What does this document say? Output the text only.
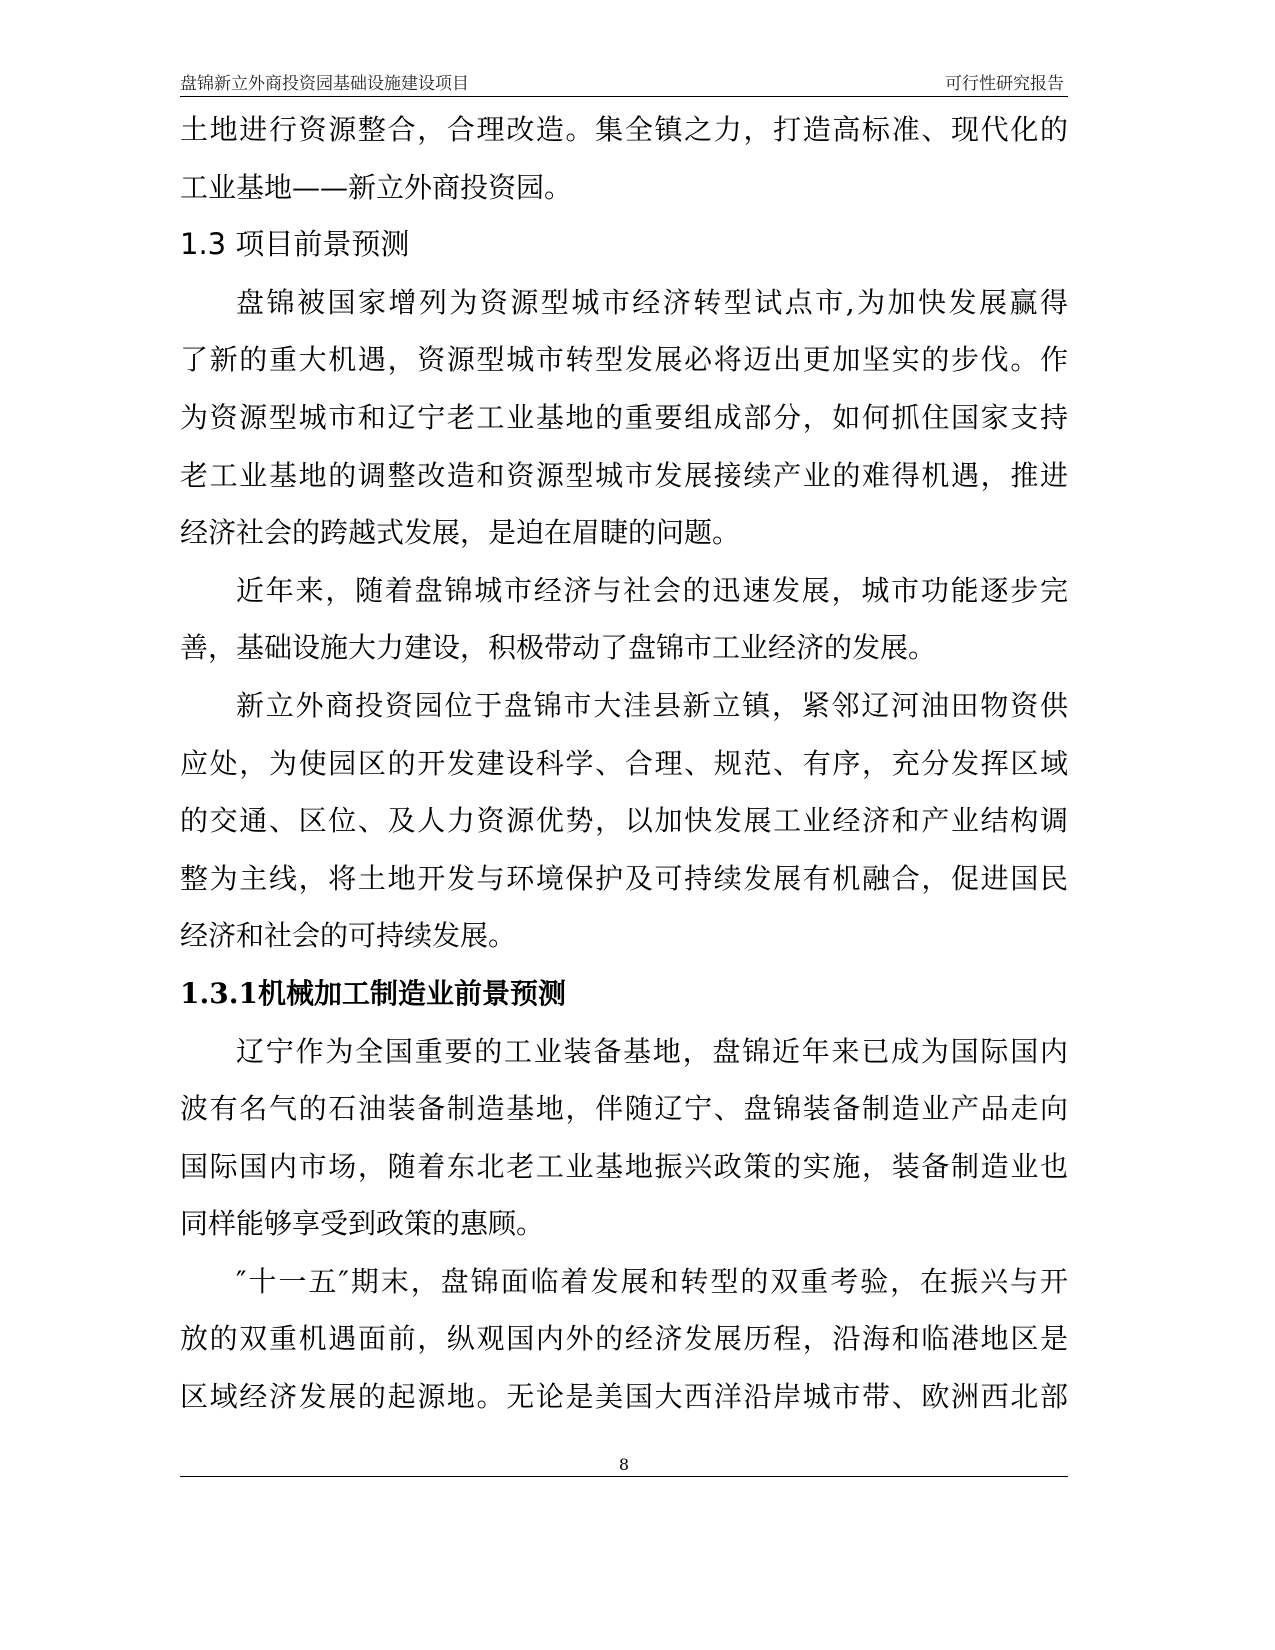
盘锦新立外商投资园基础设施建设项目	可行性研究报告
土地进行资源整合，合理改造。集全镇之力，打造高标准、现代化的
工业基地——新立外商投资园。
1.3 项目前景预测
盘锦被国家增列为资源型城市经济转型试点市,为加快发展赢得
了新的重大机遇，资源型城市转型发展必将迈出更加坚实的步伐。作
为资源型城市和辽宁老工业基地的重要组成部分，如何抓住国家支持
老工业基地的调整改造和资源型城市发展接续产业的难得机遇，推进
经济社会的跨越式发展，是迫在眉睫的问题。
近年来，随着盘锦城市经济与社会的迅速发展，城市功能逐步完
善，基础设施大力建设，积极带动了盘锦市工业经济的发展。
新立外商投资园位于盘锦市大洼县新立镇，紧邻辽河油田物资供
应处，为使园区的开发建设科学、合理、规范、有序，充分发挥区域
的交通、区位、及人力资源优势，以加快发展工业经济和产业结构调
整为主线，将土地开发与环境保护及可持续发展有机融合，促进国民
经济和社会的可持续发展。
1.3.1机械加工制造业前景预测
辽宁作为全国重要的工业装备基地，盘锦近年来已成为国际国内
波有名气的石油装备制造基地，伴随辽宁、盘锦装备制造业产品走向
国际国内市场，随着东北老工业基地振兴政策的实施，装备制造业也
同样能够享受到政策的惠顾。
″十一五″期末，盘锦面临着发展和转型的双重考验，在振兴与开
放的双重机遇面前，纵观国内外的经济发展历程，沿海和临港地区是
区域经济发展的起源地。无论是美国大西洋沿岸城市带、欧洲西北部
8
